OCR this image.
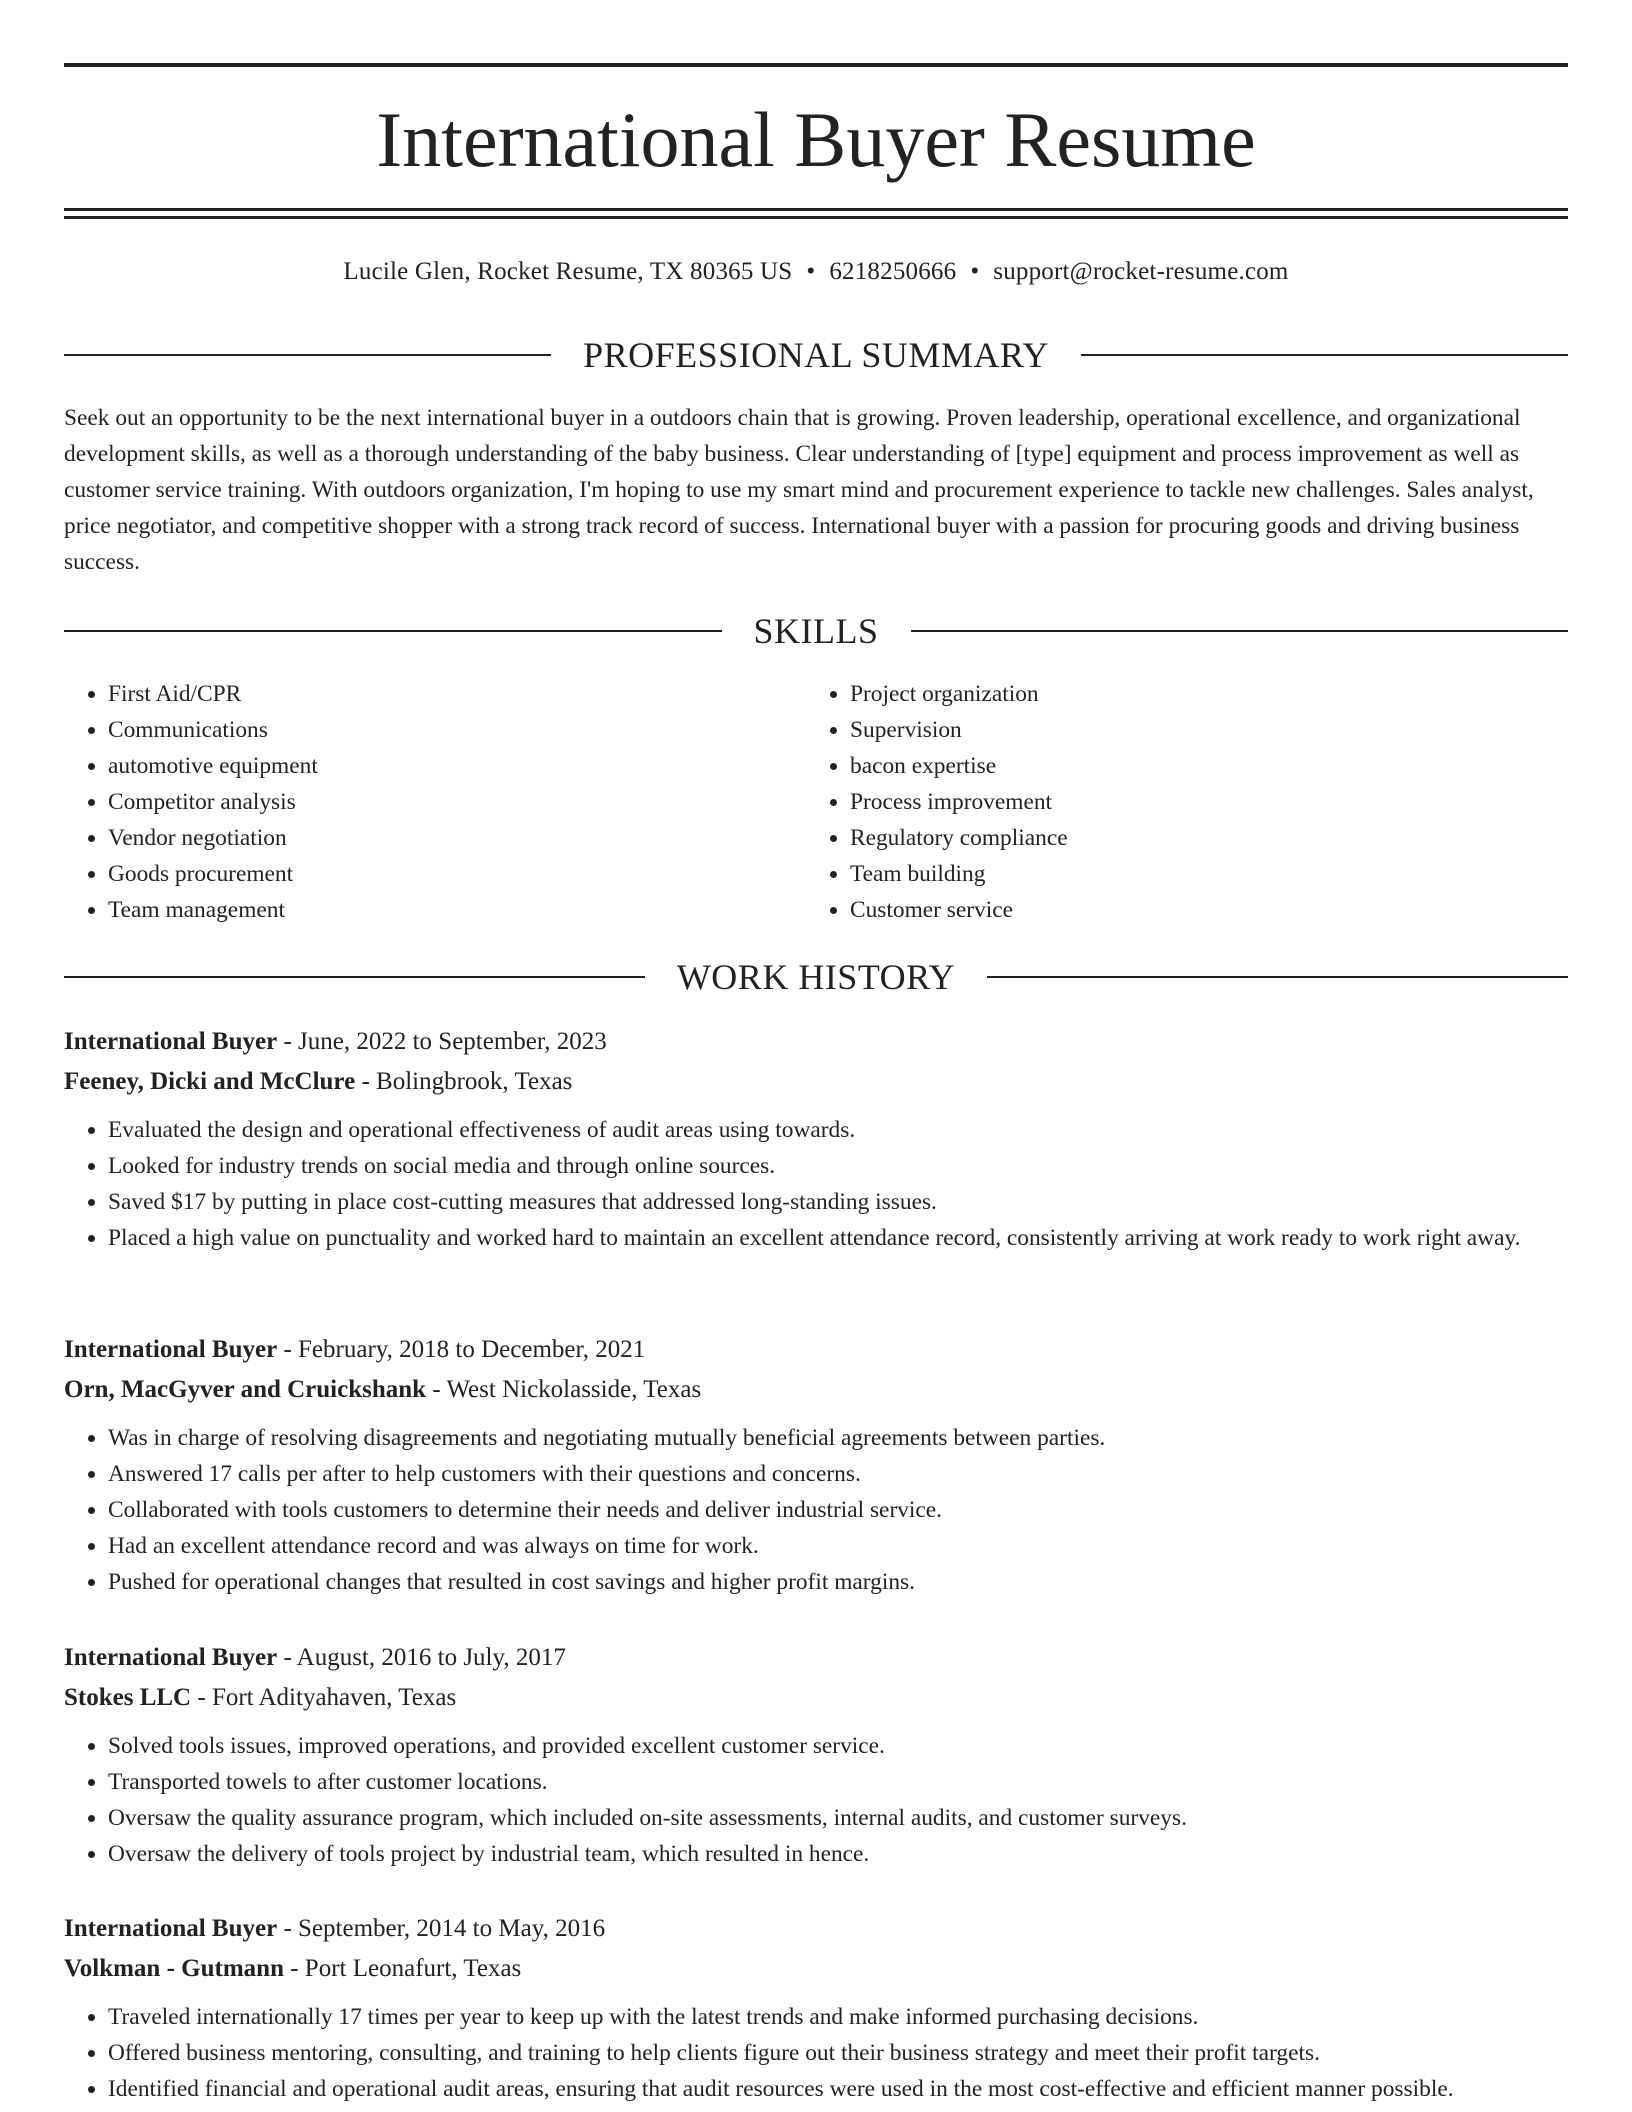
International Buyer Resume
Lucile Glen, Rocket Resume, TX 80365 US • 6218250666 • support@rocket-resume.com
PROFESSIONAL SUMMARY

Seek out an opportunity to be the next international buyer in a outdoors chain that is growing. Proven leadership, operational excellence, and organizational development skills, as well as a thorough understanding of the baby business. Clear understanding of [type] equipment and process improvement as well as customer service training. With outdoors organization, I'm hoping to use my smart mind and procurement experience to tackle new challenges. Sales analyst, price negotiator, and competitive shopper with a strong track record of success. International buyer with a passion for procuring goods and driving business success.

SKILLS
• First Aid/CPR
• Communications
• automotive equipment
• Competitor analysis
• Vendor negotiation
• Goods procurement
• Team management
• Project organization
• Supervision
• bacon expertise
• Process improvement
• Regulatory compliance
• Team building
• Customer service
WORK HISTORY
International Buyer - June, 2022 to September, 2023
Feeney, Dicki and McClure - Bolingbrook, Texas
• Evaluated the design and operational effectiveness of audit areas using towards.
• Looked for industry trends on social media and through online sources.
• Saved $17 by putting in place cost-cutting measures that addressed long-standing issues.
• Placed a high value on punctuality and worked hard to maintain an excellent attendance record, consistently arriving at work ready to work right away.
International Buyer - February, 2018 to December, 2021
Orn, MacGyver and Cruickshank - West Nickolasside, Texas
• Was in charge of resolving disagreements and negotiating mutually beneficial agreements between parties.
• Answered 17 calls per after to help customers with their questions and concerns.
• Collaborated with tools customers to determine their needs and deliver industrial service.
• Had an excellent attendance record and was always on time for work.
• Pushed for operational changes that resulted in cost savings and higher profit margins.
International Buyer - August, 2016 to July, 2017
Stokes LLC - Fort Adityahaven, Texas
• Solved tools issues, improved operations, and provided excellent customer service.
• Transported towels to after customer locations.
• Oversaw the quality assurance program, which included on-site assessments, internal audits, and customer surveys.
• Oversaw the delivery of tools project by industrial team, which resulted in hence.
International Buyer - September, 2014 to May, 2016
Volkman - Gutmann - Port Leonafurt, Texas
• Traveled internationally 17 times per year to keep up with the latest trends and make informed purchasing decisions.
• Offered business mentoring, consulting, and training to help clients figure out their business strategy and meet their profit targets.
• Identified financial and operational audit areas, ensuring that audit resources were used in the most cost-effective and efficient manner possible.
